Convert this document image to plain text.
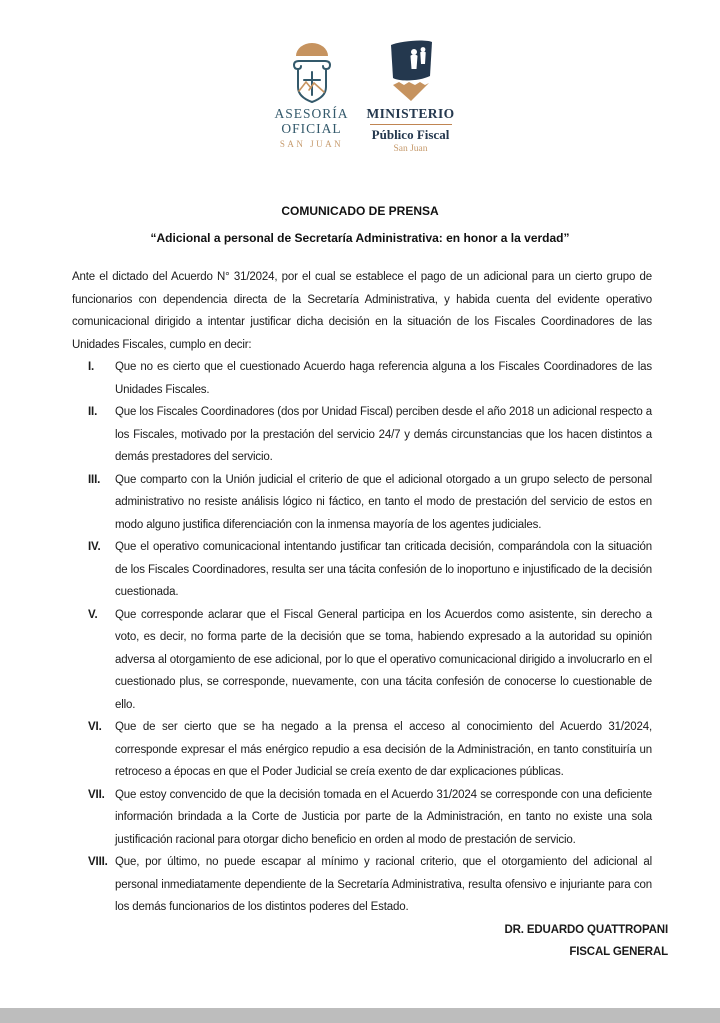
ASESORÍA
OFICIAL
SAN JUAN
MINISTERIO
Público Fiscal
San Juan
COMUNICADO DE PRENSA
“Adicional a personal de Secretaría Administrativa: en honor a la verdad”

Ante el dictado del Acuerdo N° 31/2024, por el cual se establece el pago de un adicional para un cierto grupo de funcionarios con dependencia directa de la Secretaría Administrativa, y habida cuenta del evidente operativo comunicacional dirigido a intentar justificar dicha decisión en la situación de los Fiscales Coordinadores de las Unidades Fiscales, cumplo en decir:

I.	Que no es cierto que el cuestionado Acuerdo haga referencia alguna a los Fiscales Coordinadores de las Unidades Fiscales.
II.	Que los Fiscales Coordinadores (dos por Unidad Fiscal) perciben desde el año 2018 un adicional respecto a los Fiscales, motivado por la prestación del servicio 24/7 y demás circunstancias que los hacen distintos a demás prestadores del servicio.
III.	Que comparto con la Unión judicial el criterio de que el adicional otorgado a un grupo selecto de personal administrativo no resiste análisis lógico ni fáctico, en tanto el modo de prestación del servicio de estos en modo alguno justifica diferenciación con la inmensa mayoría de los agentes judiciales.
IV.	Que el operativo comunicacional intentando justificar tan criticada decisión, comparándola con la situación de los Fiscales Coordinadores, resulta ser una tácita confesión de lo inoportuno e injustificado de la decisión cuestionada.
V.	Que corresponde aclarar que el Fiscal General participa en los Acuerdos como asistente, sin derecho a voto, es decir, no forma parte de la decisión que se toma, habiendo expresado a la autoridad su opinión adversa al otorgamiento de ese adicional, por lo que el operativo comunicacional dirigido a involucrarlo en el cuestionado plus, se corresponde, nuevamente, con una tácita confesión de conocerse lo cuestionable de ello.
VI.	Que de ser cierto que se ha negado a la prensa el acceso al conocimiento del Acuerdo 31/2024, corresponde expresar el más enérgico repudio a esa decisión de la Administración, en tanto constituiría un retroceso a épocas en que el Poder Judicial se creía exento de dar explicaciones públicas.
VII. Que estoy convencido de que la decisión tomada en el Acuerdo 31/2024 se corresponde con una deficiente información brindada a la Corte de Justicia por parte de la Administración, en tanto no existe una sola justificación racional para otorgar dicho beneficio en orden al modo de prestación de servicio.
VIII. Que, por último, no puede escapar al mínimo y racional criterio, que el otorgamiento del adicional al personal inmediatamente dependiente de la Secretaría Administrativa, resulta ofensivo e injuriante para con los demás funcionarios de los distintos poderes del Estado.
DR. EDUARDO QUATTROPANI
FISCAL GENERAL
